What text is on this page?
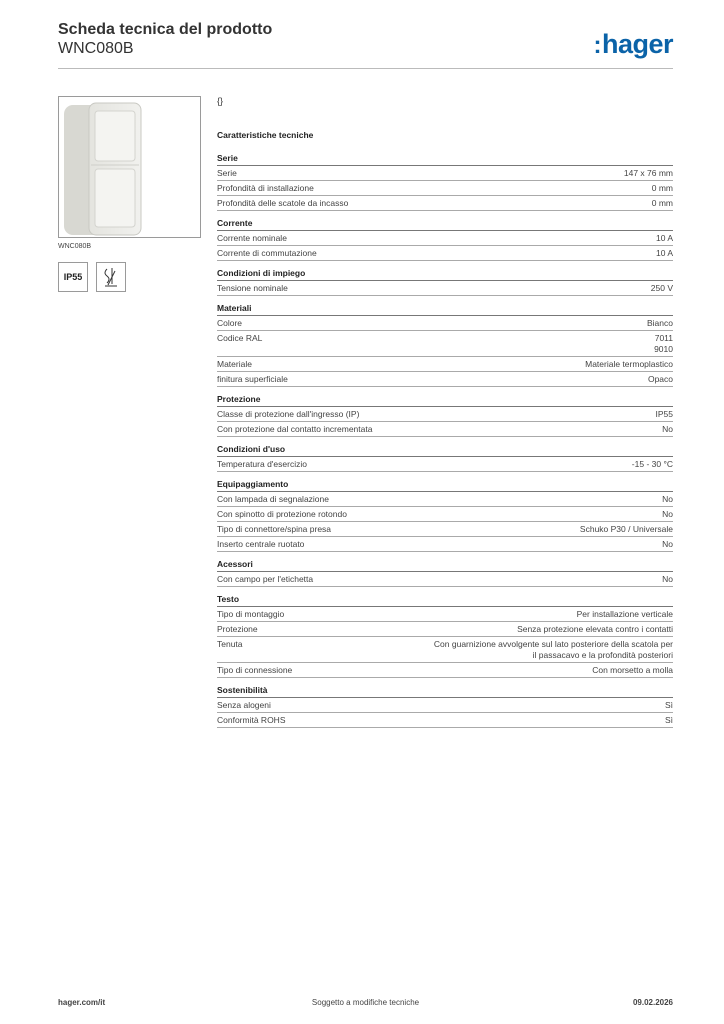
Scheda tecnica del prodotto
WNC080B	:hager
WNC080B
IP55
{}
Caratteristiche tecniche
Serie
Serie	147 x 76 mm
Profondità di installazione	0 mm
Profondità delle scatole da incasso	0 mm
Corrente
Corrente nominale	10 A
Corrente di commutazione	10 A
Condizioni di impiego
Tensione nominale	250 V
Materiali
Colore	Bianco
Codice RAL	7011
9010
Materiale	Materiale termoplastico
finitura superficiale	Opaco
Protezione
Classe di protezione dall'ingresso (IP)	IP55
Con protezione dal contatto incrementata	No
Condizioni d'uso
Temperatura d'esercizio	-15 - 30 °C
Equipaggiamento
Con lampada di segnalazione	No
Con spinotto di protezione rotondo	No
Tipo di connettore/spina presa	Schuko P30 / Universale
Inserto centrale ruotato	No
Acessori
Con campo per l'etichetta	No
Testo
Tipo di montaggio	Per installazione verticale
Protezione	Senza protezione elevata contro i contatti
Tenuta	Con guarnizione avvolgente sul lato posteriore della scatola per
il passacavo e la profondità posteriori
Tipo di connessione	Con morsetto a molla
Sostenibilità
Senza alogeni	Sì
Conformità ROHS	Sì
hager.com/it	Soggetto a modifiche tecniche	09.02.2026
